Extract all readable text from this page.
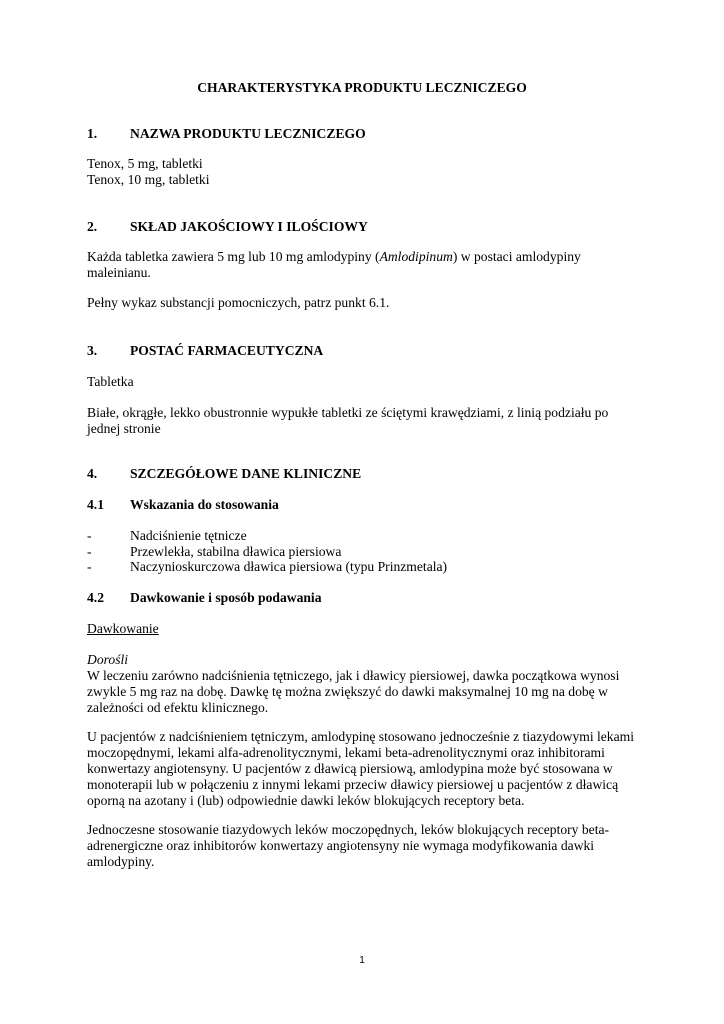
CHARAKTERYSTYKA PRODUKTU LECZNICZEGO
1. NAZWA PRODUKTU LECZNICZEGO

Tenox, 5 mg, tabletki

Tenox, 10 mg, tabletki

2. SKŁAD JAKOŚCIOWY I ILOŚCIOWY

Każda tabletka zawiera 5 mg lub 10 mg amlodypiny (Amlodipinum) w postaci amlodypiny maleinianu.

Pełny wykaz substancji pomocniczych, patrz punkt 6.1.

3. POSTAĆ FARMACEUTYCZNA

Tabletka

Białe, okrągłe, lekko obustronnie wypukłe tabletki ze ściętymi krawędziami, z linią podziału po jednej stronie

4. SZCZEGÓŁOWE DANE KLINICZNE
4.1 Wskazania do stosowania
-	Nadciśnienie tętnicze
-	Przewlekła, stabilna dławica piersiowa
-	Naczynioskurczowa dławica piersiowa (typu Prinzmetala)
4.2 Dawkowanie i sposób podawania

Dawkowanie

Dorośli

W leczeniu zarówno nadciśnienia tętniczego, jak i dławicy piersiowej, dawka początkowa wynosi zwykle 5 mg raz na dobę. Dawkę tę można zwiększyć do dawki maksymalnej 10 mg na dobę w zależności od efektu klinicznego.

U pacjentów z nadciśnieniem tętniczym, amlodypinę stosowano jednocześnie z tiazydowymi lekami moczopędnymi, lekami alfa-adrenolitycznymi, lekami beta-adrenolitycznymi oraz inhibitorami konwertazy angiotensyny. U pacjentów z dławicą piersiową, amlodypina może być stosowana w monoterapii lub w połączeniu z innymi lekami przeciw dławicy piersiowej u pacjentów z dławicą oporną na azotany i (lub) odpowiednie dawki leków blokujących receptory beta.

Jednoczesne stosowanie tiazydowych leków moczopędnych, leków blokujących receptory beta-adrenergiczne oraz inhibitorów konwertazy angiotensyny nie wymaga modyfikowania dawki amlodypiny.

1
